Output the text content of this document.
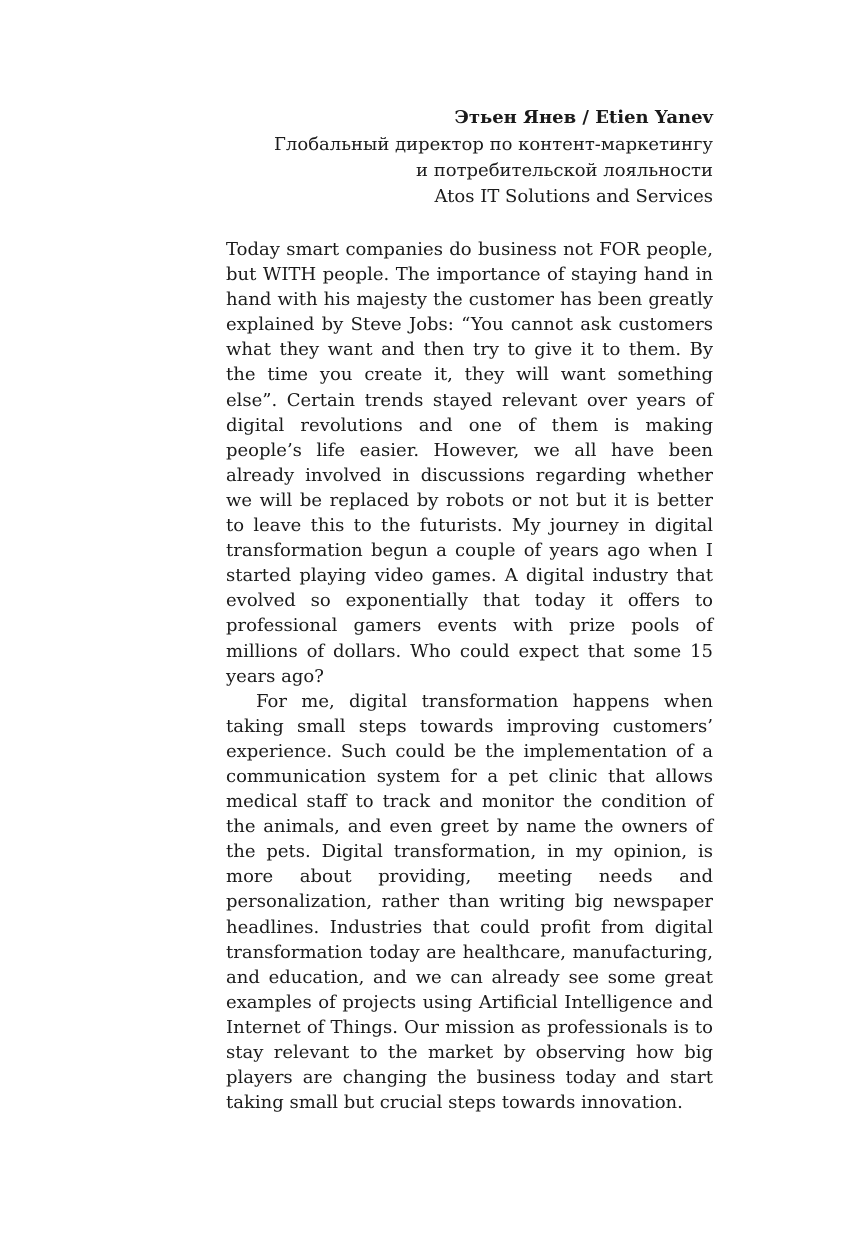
Этьен Янев / Etien Yanev
Глобальный директор по контент-маркетингу
и потребительской лояльности
Atos IT Solutions and Services

Today smart companies do business not FOR people, but WITH people. The importance of staying hand in hand with his majesty the customer has been greatly explained by Steve Jobs: “You cannot ask customers what they want and then try to give it to them. By the time you create it, they will want something else”. Certain trends stayed relevant over years of digital revolutions and one of them is making people’s life easier. However, we all have been already involved in discussions regarding whether we will be replaced by robots or not but it is better to leave this to the futurists. My journey in digital transformation begun a couple of years ago when I started playing video games. A digital industry that evolved so exponentially that today it offers to professional gamers events with prize pools of millions of dollars. Who could expect that some 15 years ago?

For me, digital transformation happens when taking small steps towards improving customers’ experience. Such could be the implementation of a communication system for a pet clinic that allows medical staff to track and monitor the condition of the animals, and even greet by name the owners of the pets. Digital transformation, in my opinion, is more about providing, meeting needs and personalization, rather than writing big newspaper headlines. Industries that could profit from digital transformation today are healthcare, manufacturing, and education, and we can already see some great examples of projects using Artificial Intelligence and Internet of Things. Our mission as professionals is to stay relevant to the market by observing how big players are changing the business today and start taking small but crucial steps towards innovation.
